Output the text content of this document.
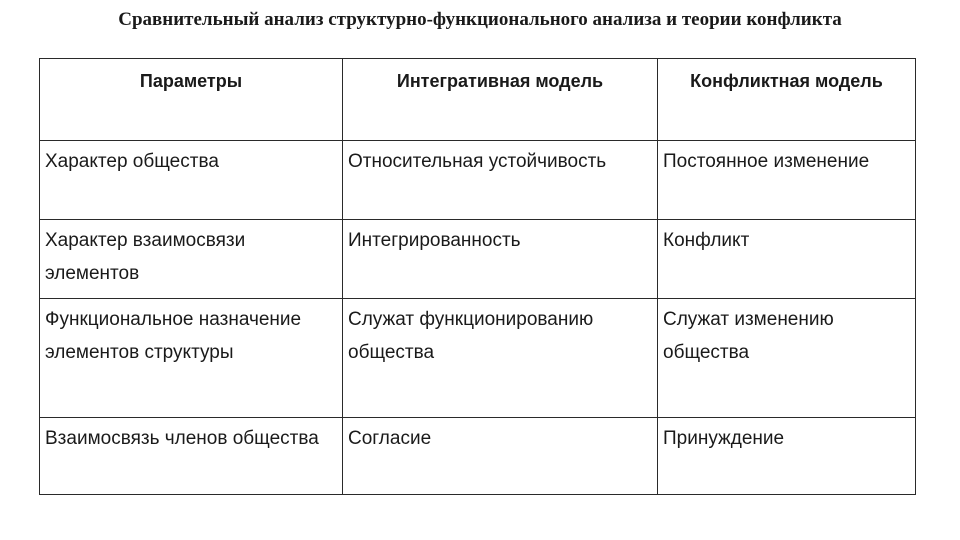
Сравнительный анализ структурно-функционального анализа и теории конфликта
Параметры	Интегративная модель	Конфликтная модель
Характер общества	Относительная устойчивость	Постоянное изменение
Характер взаимосвязи элементов	Интегрированность	Конфликт
Функциональное назначение элементов структуры	Служат функционированию общества	Служат изменению общества
Взаимосвязь членов общества	Согласие	Принуждение
